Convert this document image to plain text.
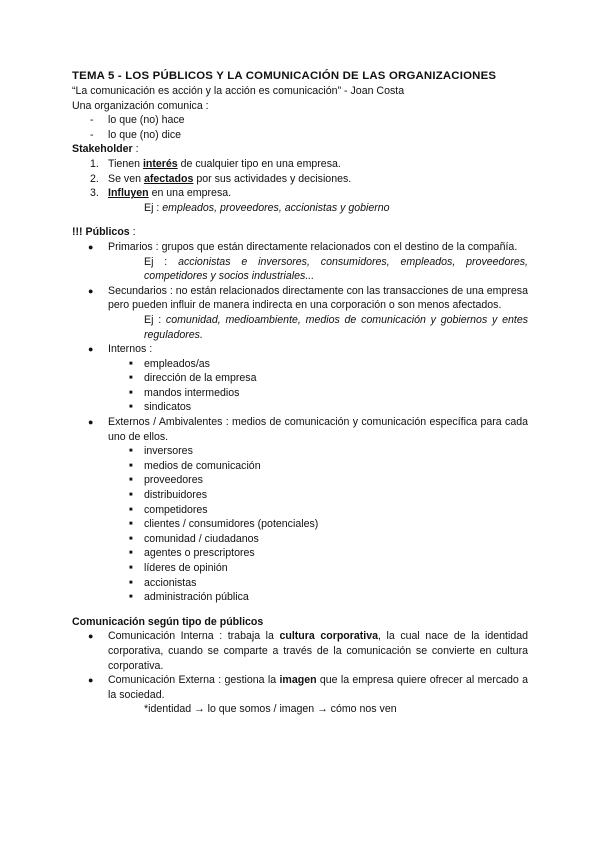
TEMA 5 - LOS PÚBLICOS Y LA COMUNICACIÓN DE LAS ORGANIZACIONES

“La comunicación es acción y la acción es comunicación” - Joan Costa

Una organización comunica :

- lo que (no) hace
- lo que (no) dice

Stakeholder :

1. Tienen interés de cualquier tipo en una empresa.
2. Se ven afectados por sus actividades y decisiones.
3. Influyen en una empresa.

Ej : empleados, proveedores, accionistas y gobierno

!!! Públicos :

● Primarios : grupos que están directamente relacionados con el destino de la compañía.

Ej : accionistas e inversores, consumidores, empleados, proveedores, competidores y socios industriales...

● Secundarios : no están relacionados directamente con las transacciones de una empresa pero pueden influir de manera indirecta en una corporación o son menos afectados.

Ej : comunidad, medioambiente, medios de comunicación y gobiernos y entes reguladores.

● Internos :
■ empleados/as
■ dirección de la empresa
■ mandos intermedios
■ sindicatos
● Externos / Ambivalentes : medios de comunicación y comunicación específica para cada uno de ellos.
■ inversores
■ medios de comunicación
■ proveedores
■ distribuidores
■ competidores
■ clientes / consumidores (potenciales)
■ comunidad / ciudadanos
■ agentes o prescriptores
■ líderes de opinión
■ accionistas
■ administración pública

Comunicación según tipo de públicos

● Comunicación Interna : trabaja la cultura corporativa, la cual nace de la identidad corporativa, cuando se comparte a través de la comunicación se convierte en cultura corporativa.
● Comunicación Externa : gestiona la imagen que la empresa quiere ofrecer al mercado a la sociedad.

*identidad → lo que somos / imagen → cómo nos ven
